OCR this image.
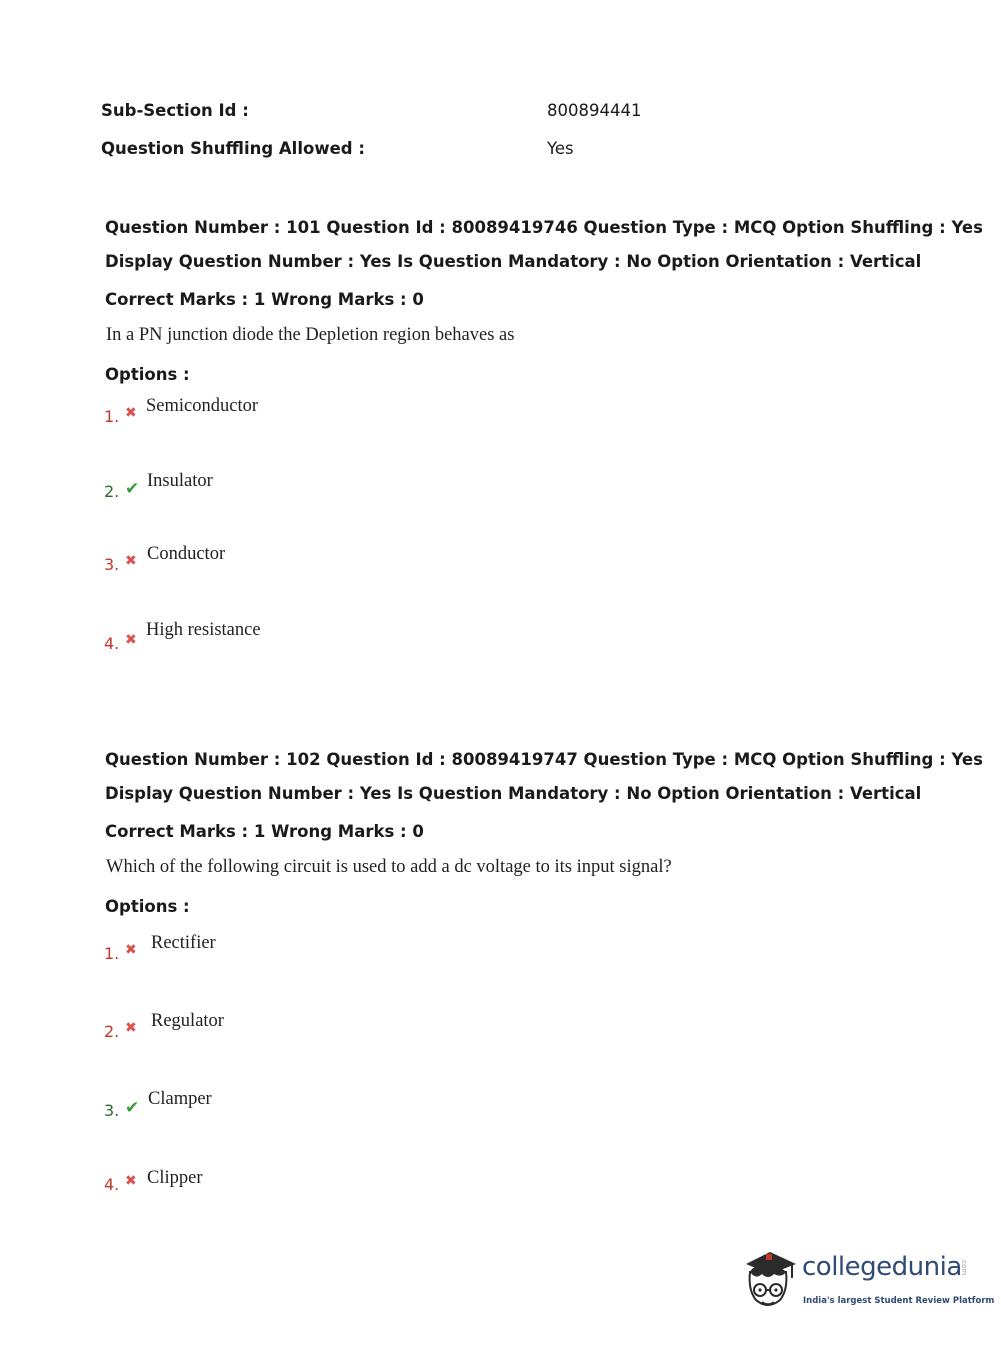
Sub-Section Id :	800894441
Question Shuffling Allowed :	Yes
Question Number : 101 Question Id : 80089419746 Question Type : MCQ Option Shuffling : Yes
Display Question Number : Yes Is Question Mandatory : No Option Orientation : Vertical
Correct Marks : 1 Wrong Marks : 0
In a PN junction diode the Depletion region behaves as
Options :
1. ✖ Semiconductor
2. ✔ Insulator
3. ✖ Conductor
4. ✖ High resistance
Question Number : 102 Question Id : 80089419747 Question Type : MCQ Option Shuffling : Yes
Display Question Number : Yes Is Question Mandatory : No Option Orientation : Vertical
Correct Marks : 1 Wrong Marks : 0
Which of the following circuit is used to add a dc voltage to its input signal?
Options :
1. ✖ Rectifier
2. ✖ Regulator
3. ✔ Clamper
4. ✖ Clipper
collegedunia
.com
India's largest Student Review Platform
